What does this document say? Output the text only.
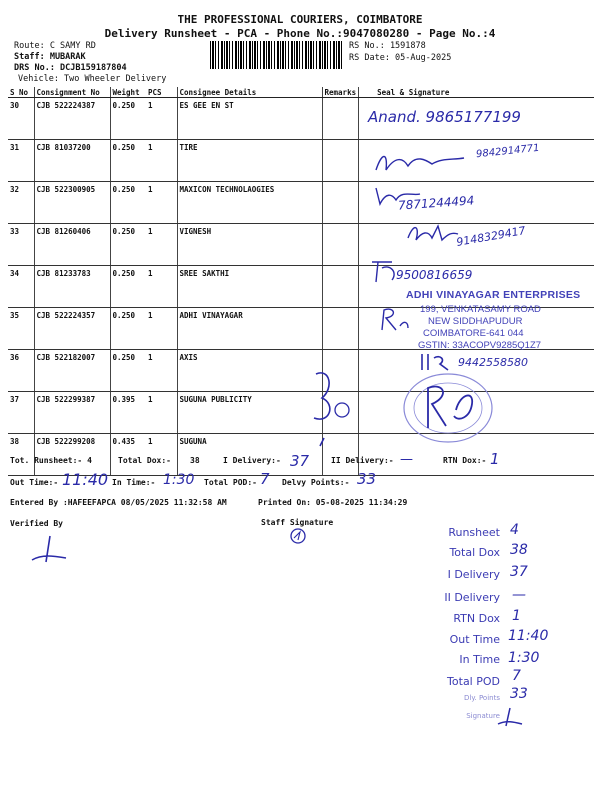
THE PROFESSIONAL COURIERS, COIMBATORE
Delivery Runsheet - PCA - Phone No.:9047080280 - Page No.:4
Route: C SAMY RD
Staff: MUBARAK
DRS No.: DCJB159187804
Vehicle: Two Wheeler Delivery
RS No.: 1591878
RS Date: 05-Aug-2025
S No	Consignment No	Weight	PCS	Consignee Details	Remarks	Seal & Signature
30	CJB 522224387	0.250	1	ES GEE EN ST		
31	CJB 81037200	0.250	1	TIRE		
32	CJB 522300905	0.250	1	MAXICON TECHNOLAOGIES		
33	CJB 81260406	0.250	1	VIGNESH		
34	CJB 81233783	0.250	1	SREE SAKTHI		
35	CJB 522224357	0.250	1	ADHI VINAYAGAR		
36	CJB 522182007	0.250	1	AXIS		
37	CJB 522299387	0.395	1	SUGUNA PUBLICITY		
38	CJB 522299208	0.435	1	SUGUNA		
Anand. 9865177199
9842914771
7871244494
9148329417
9500816659
ADHI VINAYAGAR ENTERPRISES
199, VENKATASAMY ROAD
NEW SIDDHAPUDUR
COIMBATORE-641 044
GSTIN: 33ACOPV9285Q1Z7
9442558580
Tot. Runsheet:- 4	Total Dox:- 38	I Delivery:- 37	II Delivery:- —	RTN Dox:- 1
Out Time:- 11:40 In Time:- 1:30 Total POD:- 7 Delvy Points:- 33
Entered By :HAFEEFAPCA 08/05/2025 11:32:58 AM	Printed On: 05-08-2025 11:34:29
Verified By	Staff Signature
Runsheet 4
Total Dox 38
I Delivery 37
II Delivery —
RTN Dox 1
Out Time 11:40
In Time 1:30
Total POD 7
Dly. Points 33
Signature
